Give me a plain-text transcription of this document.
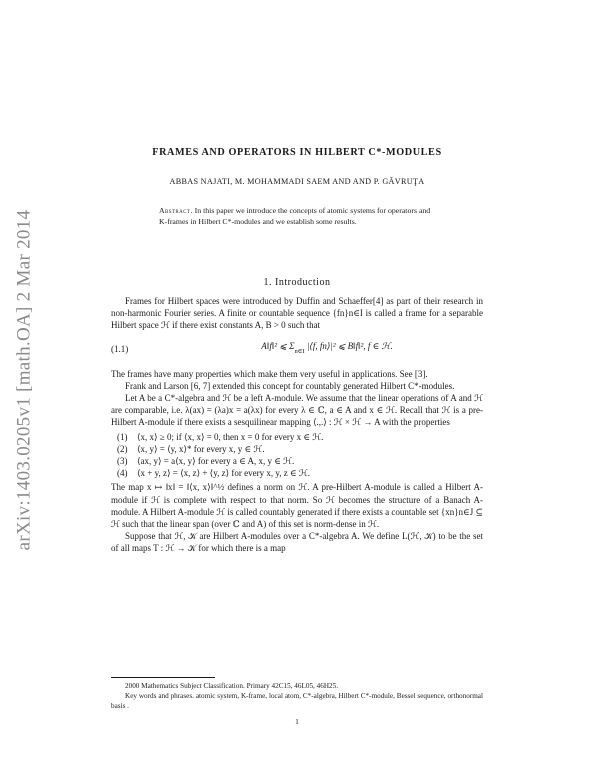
arXiv:1403.0205v1 [math.OA] 2 Mar 2014
FRAMES AND OPERATORS IN HILBERT C*-MODULES
ABBAS NAJATI, M. MOHAMMADI SAEM AND AND P. GĂVRUŢA
Abstract. In this paper we introduce the concepts of atomic systems for operators and K-frames in Hilbert C*-modules and we establish some results.
1. Introduction

Frames for Hilbert spaces were introduced by Duffin and Schaeffer[4] as part of their research in non-harmonic Fourier series. A finite or countable sequence {fn}n∈I is called a frame for a separable Hilbert space ℋ if there exist constants A, B > 0 such that

(1.1)	A‖f‖² ⩽ $\Sigma_{n\in I}$ |⟨f, fn⟩|² ⩽ B‖f‖², f ∈ ℋ.

The frames have many properties which make them very useful in applications. See [3].

Frank and Larson [6, 7] extended this concept for countably generated Hilbert C*-modules.

Let A be a C*-algebra and ℋ be a left A-module. We assume that the linear operations of A and ℋ are comparable, i.e. λ(ax) = (λa)x = a(λx) for every λ ∈ ℂ, a ∈ A and x ∈ ℋ. Recall that ℋ is a pre-Hilbert A-module if there exists a sesquilinear mapping ⟨.,.⟩ : ℋ × ℋ → A with the properties

(1)	⟨x, x⟩ ≥ 0; if ⟨x, x⟩ = 0, then x = 0 for every x ∈ ℋ.
(2)	⟨x, y⟩ = ⟨y, x⟩* for every x, y ∈ ℋ.
(3)	⟨ax, y⟩ = a⟨x, y⟩ for every a ∈ A, x, y ∈ ℋ.
(4)	⟨x + y, z⟩ = ⟨x, z⟩ + ⟨y, z⟩ for every x, y, z ∈ ℋ.

The map x ↦ ‖x‖ = ‖⟨x, x⟩‖^½ defines a norm on ℋ. A pre-Hilbert A-module is called a Hilbert A-module if ℋ is complete with respect to that norm. So ℋ becomes the structure of a Banach A-module. A Hilbert A-module ℋ is called countably generated if there exists a countable set {xn}n∈J ⊆ ℋ such that the linear span (over ℂ and A) of this set is norm-dense in ℋ.

Suppose that ℋ, 𝒦 are Hilbert A-modules over a C*-algebra A. We define L(ℋ, 𝒦) to be the set of all maps T : ℋ → 𝒦 for which there is a map

2000 Mathematics Subject Classification. Primary 42C15, 46L05, 46H25.

Key words and phrases. atomic system, K-frame, local atom, C*-algebra, Hilbert C*-module, Bessel sequence, orthonormal basis .

1
